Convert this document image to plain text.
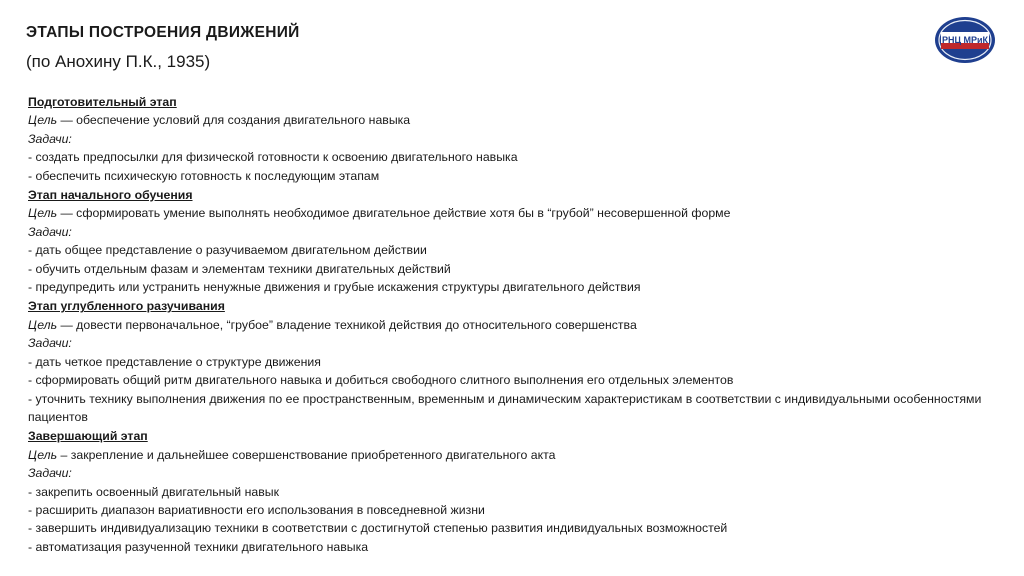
ЭТАПЫ ПОСТРОЕНИЯ ДВИЖЕНИЙ
(по Анохину П.К., 1935)
РНЦ МРиК
Подготовительный этап
Цель — обеспечение условий для создания двигательного навыка
Задачи:
- создать предпосылки для физической готовности к освоению двигательного навыка
- обеспечить психическую готовность к последующим этапам
Этап начального обучения
Цель — сформировать умение выполнять необходимое двигательное действие хотя бы в “грубой” несовершенной форме
Задачи:
- дать общее представление о разучиваемом двигательном действии
- обучить отдельным фазам и элементам техники двигательных действий
- предупредить или устранить ненужные движения и грубые искажения структуры двигательного действия
Этап углубленного разучивания
Цель — довести первоначальное, “грубое” владение техникой действия до относительного совершенства
Задачи:
- дать четкое представление о структуре движения
- сформировать общий ритм двигательного навыка и добиться свободного слитного выполнения его отдельных элементов
- уточнить технику выполнения движения по ее пространственным, временным и динамическим характеристикам в соответствии с индивидуальными особенностями пациентов
Завершающий этап
Цель – закрепление и дальнейшее совершенствование приобретенного двигательного акта
Задачи:
- закрепить освоенный двигательный навык
- расширить диапазон вариативности его использования в повседневной жизни
- завершить индивидуализацию техники в соответствии с достигнутой степенью развития индивидуальных возможностей
- автоматизация разученной техники двигательного навыка
